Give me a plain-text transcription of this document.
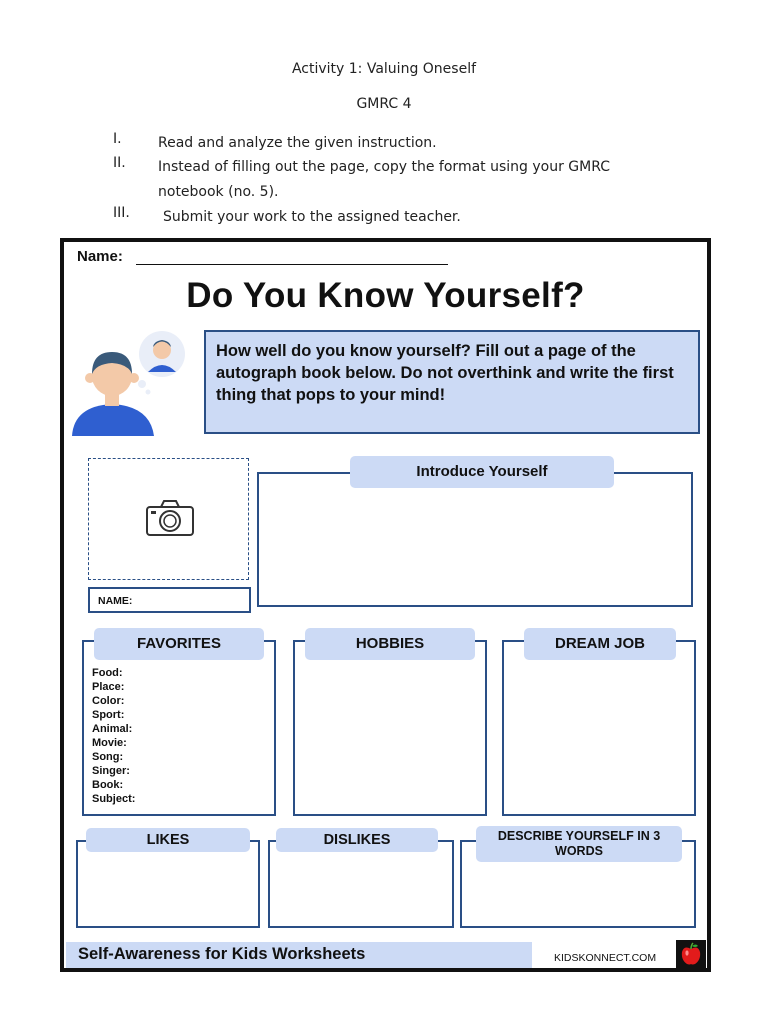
Activity 1: Valuing Oneself
GMRC 4
I.	Read and analyze the given instruction.
II. Instead of filling out the page, copy the format using your GMRC notebook (no. 5).
III. Submit your work to the assigned teacher.
Name:
Do You Know Yourself?
How well do you know yourself? Fill out a page of the autograph book below. Do not overthink and write the first thing that pops to your mind!
NAME:
Introduce Yourself
FAVORITES
Food:
Place:
Color:
Sport:
Animal:
Movie:
Song:
Singer:
Book:
Subject:
HOBBIES	DREAM JOB
LIKES	DISLIKES	DESCRIBE YOURSELF IN 3 WORDS
Self-Awareness for Kids Worksheets	KIDSKONNECT.COM
